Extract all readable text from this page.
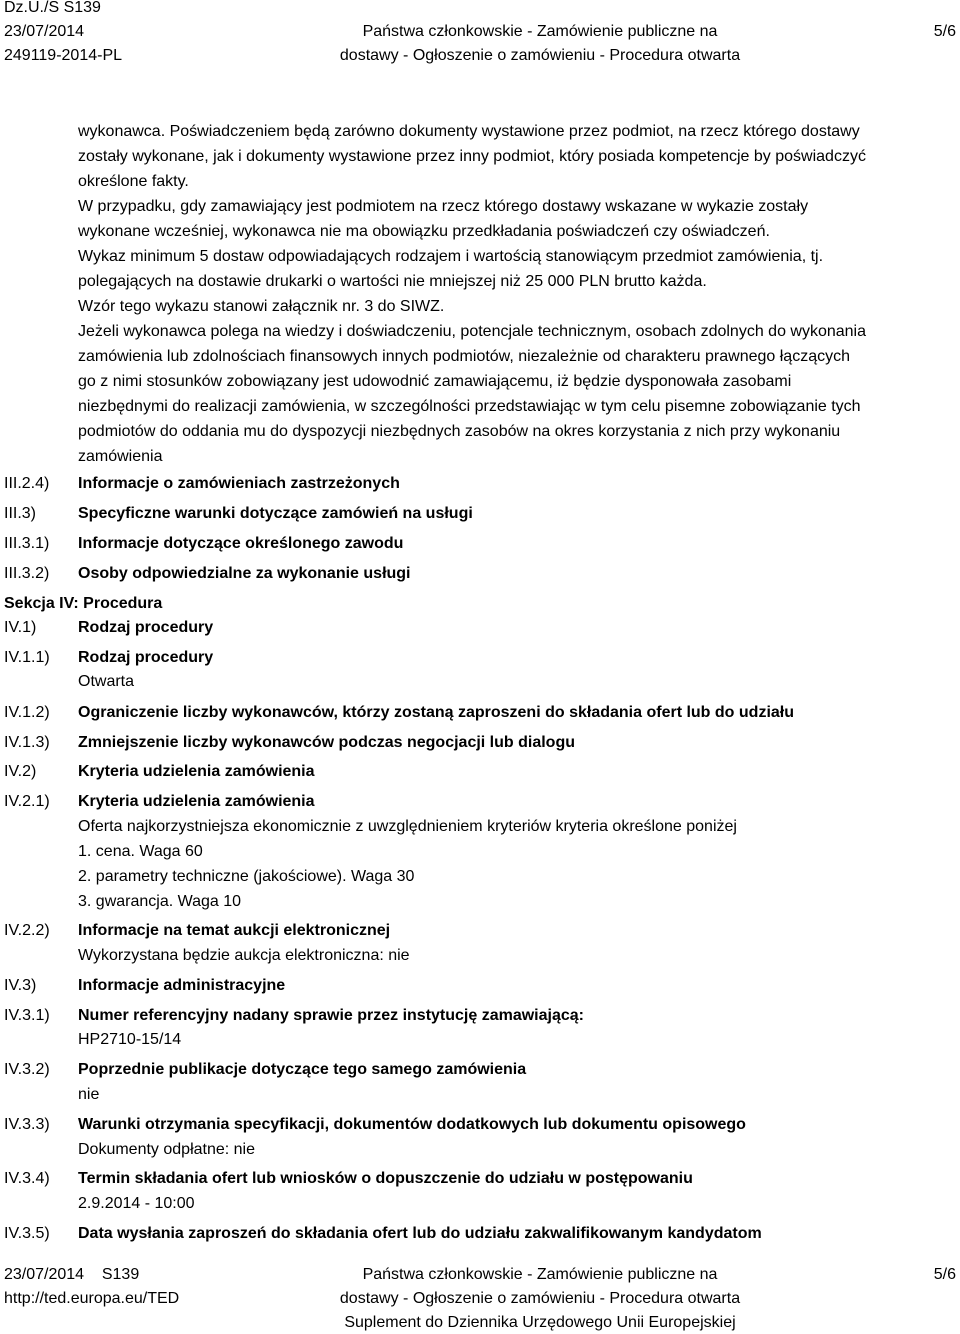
Dz.U./S S139
23/07/2014
249119-2014-PL
Państwa członkowskie - Zamówienie publiczne na
dostawy - Ogłoszenie o zamówieniu - Procedura otwarta
5/6
wykonawca. Poświadczeniem będą zarówno dokumenty wystawione przez podmiot, na rzecz którego dostawy
zostały wykonane, jak i dokumenty wystawione przez inny podmiot, który posiada kompetencje by poświadczyć
określone fakty.
W przypadku, gdy zamawiający jest podmiotem na rzecz którego dostawy wskazane w wykazie zostały
wykonane wcześniej, wykonawca nie ma obowiązku przedkładania poświadczeń czy oświadczeń.
Wykaz minimum 5 dostaw odpowiadających rodzajem i wartością stanowiącym przedmiot zamówienia, tj.
polegających na dostawie drukarki o wartości nie mniejszej niż 25 000 PLN brutto każda.
Wzór tego wykazu stanowi załącznik nr. 3 do SIWZ.
Jeżeli wykonawca polega na wiedzy i doświadczeniu, potencjale technicznym, osobach zdolnych do wykonania
zamówienia lub zdolnościach finansowych innych podmiotów, niezależnie od charakteru prawnego łączących
go z nimi stosunków zobowiązany jest udowodnić zamawiającemu, iż będzie dysponowała zasobami
niezbędnymi do realizacji zamówienia, w szczególności przedstawiając w tym celu pisemne zobowiązanie tych
podmiotów do oddania mu do dyspozycji niezbędnych zasobów na okres korzystania z nich przy wykonaniu
zamówienia
III.2.4) Informacje o zamówieniach zastrzeżonych
III.3)	Specyficzne warunki dotyczące zamówień na usługi
III.3.1) Informacje dotyczące określonego zawodu
III.3.2) Osoby odpowiedzialne za wykonanie usługi
Sekcja IV: Procedura
IV.1)	Rodzaj procedury
IV.1.1) Rodzaj procedury
Otwarta
IV.1.2) Ograniczenie liczby wykonawców, którzy zostaną zaproszeni do składania ofert lub do udziału
IV.1.3) Zmniejszenie liczby wykonawców podczas negocjacji lub dialogu
IV.2)	Kryteria udzielenia zamówienia
IV.2.1) Kryteria udzielenia zamówienia
Oferta najkorzystniejsza ekonomicznie z uwzględnieniem kryteriów kryteria określone poniżej
1. cena. Waga 60
2. parametry techniczne (jakościowe). Waga 30
3. gwarancja. Waga 10
IV.2.2) Informacje na temat aukcji elektronicznej
Wykorzystana będzie aukcja elektroniczna: nie
IV.3)	Informacje administracyjne
IV.3.1) Numer referencyjny nadany sprawie przez instytucję zamawiającą:
HP2710-15/14
IV.3.2) Poprzednie publikacje dotyczące tego samego zamówienia
nie
IV.3.3) Warunki otrzymania specyfikacji, dokumentów dodatkowych lub dokumentu opisowego
Dokumenty odpłatne: nie
IV.3.4) Termin składania ofert lub wniosków o dopuszczenie do udziału w postępowaniu
2.9.2014 - 10:00
IV.3.5) Data wysłania zaproszeń do składania ofert lub do udziału zakwalifikowanym kandydatom
23/07/2014    S139
http://ted.europa.eu/TED
Państwa członkowskie - Zamówienie publiczne na
dostawy - Ogłoszenie o zamówieniu - Procedura otwarta
Suplement do Dziennika Urzędowego Unii Europejskiej
5/6
